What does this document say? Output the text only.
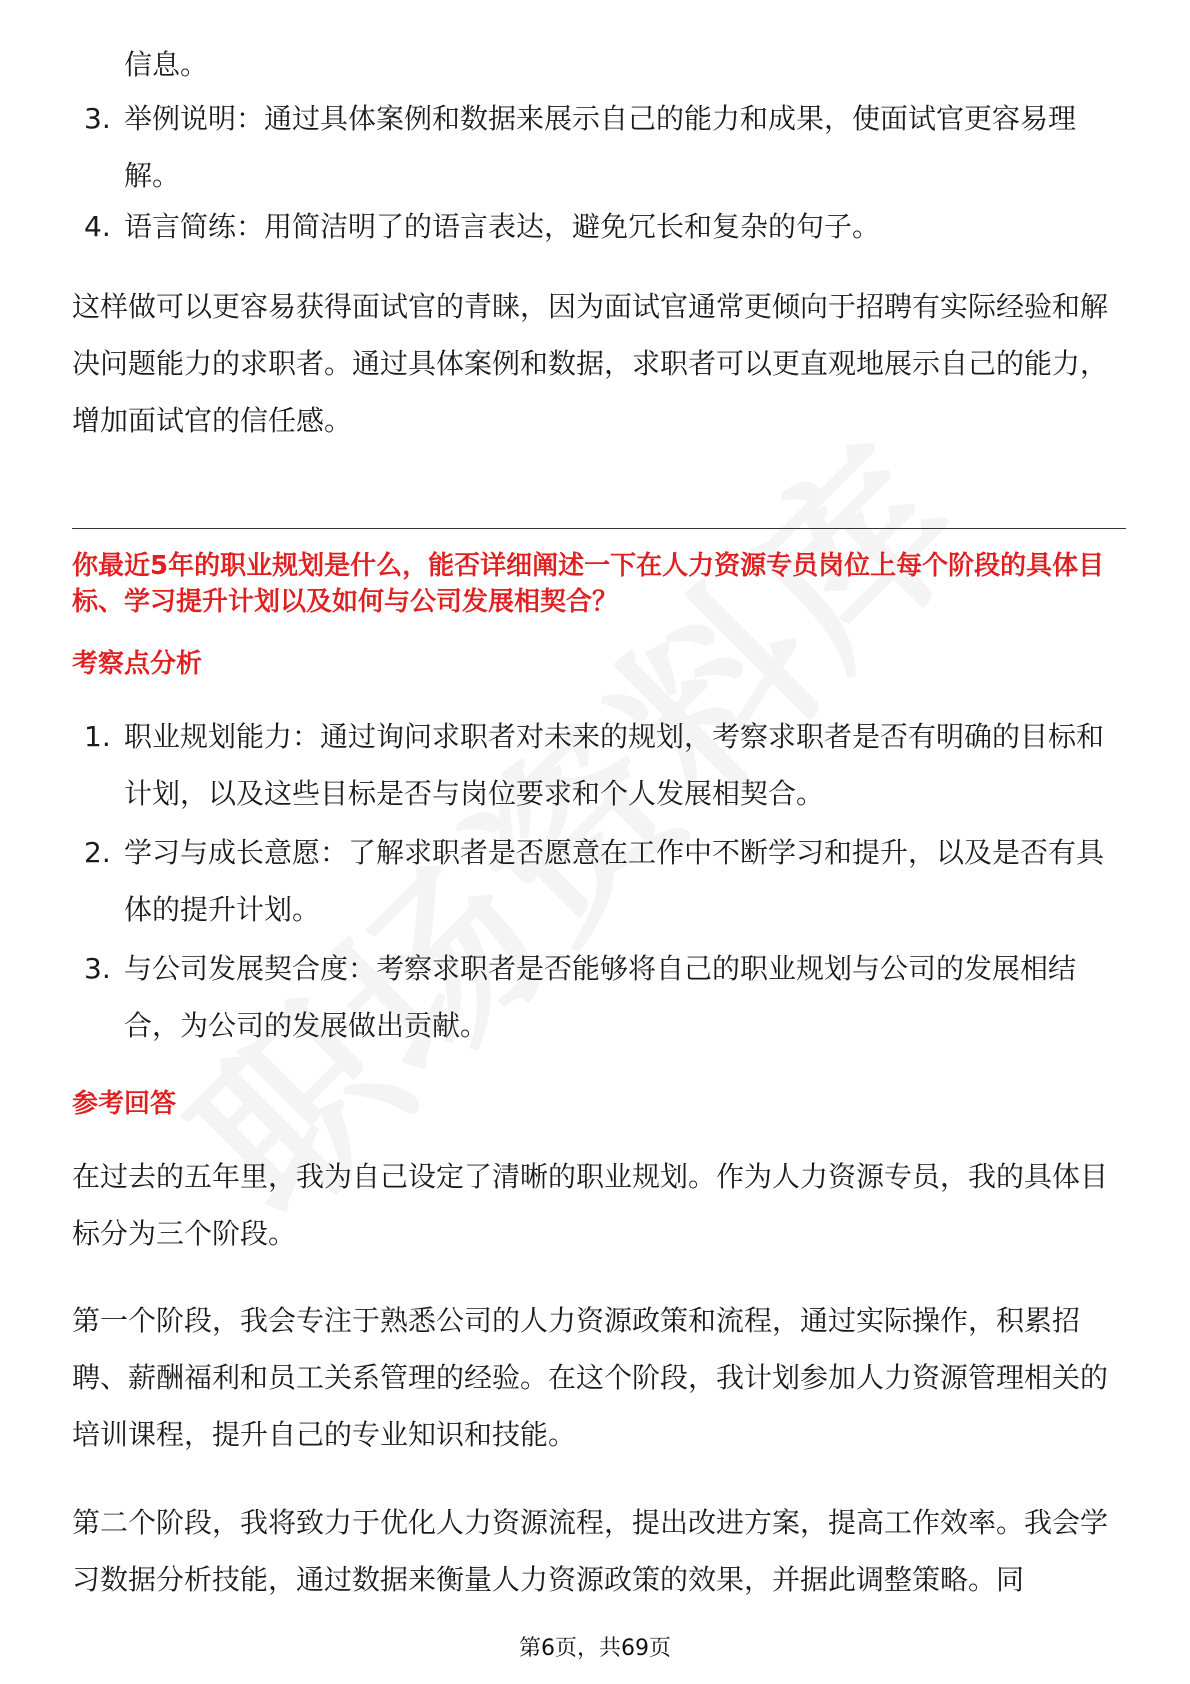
信息。
3. 举例说明：通过具体案例和数据来展示自己的能力和成果，使面试官更容易理解。
4. 语言简练：用简洁明了的语言表达，避免冗长和复杂的句子。

这样做可以更容易获得面试官的青睐，因为面试官通常更倾向于招聘有实际经验和解决问题能力的求职者。通过具体案例和数据，求职者可以更直观地展示自己的能力，增加面试官的信任感。

你最近5年的职业规划是什么，能否详细阐述一下在人力资源专员岗位上每个阶段的具体目标、学习提升计划以及如何与公司发展相契合？

考察点分析

1. 职业规划能力：通过询问求职者对未来的规划，考察求职者是否有明确的目标和计划，以及这些目标是否与岗位要求和个人发展相契合。
2. 学习与成长意愿：了解求职者是否愿意在工作中不断学习和提升，以及是否有具体的提升计划。
3. 与公司发展契合度：考察求职者是否能够将自己的职业规划与公司的发展相结合，为公司的发展做出贡献。

参考回答

在过去的五年里，我为自己设定了清晰的职业规划。作为人力资源专员，我的具体目标分为三个阶段。

第一个阶段，我会专注于熟悉公司的人力资源政策和流程，通过实际操作，积累招聘、薪酬福利和员工关系管理的经验。在这个阶段，我计划参加人力资源管理相关的培训课程，提升自己的专业知识和技能。

第二个阶段，我将致力于优化人力资源流程，提出改进方案，提高工作效率。我会学习数据分析技能，通过数据来衡量人力资源政策的效果，并据此调整策略。同

第6页，共69页
